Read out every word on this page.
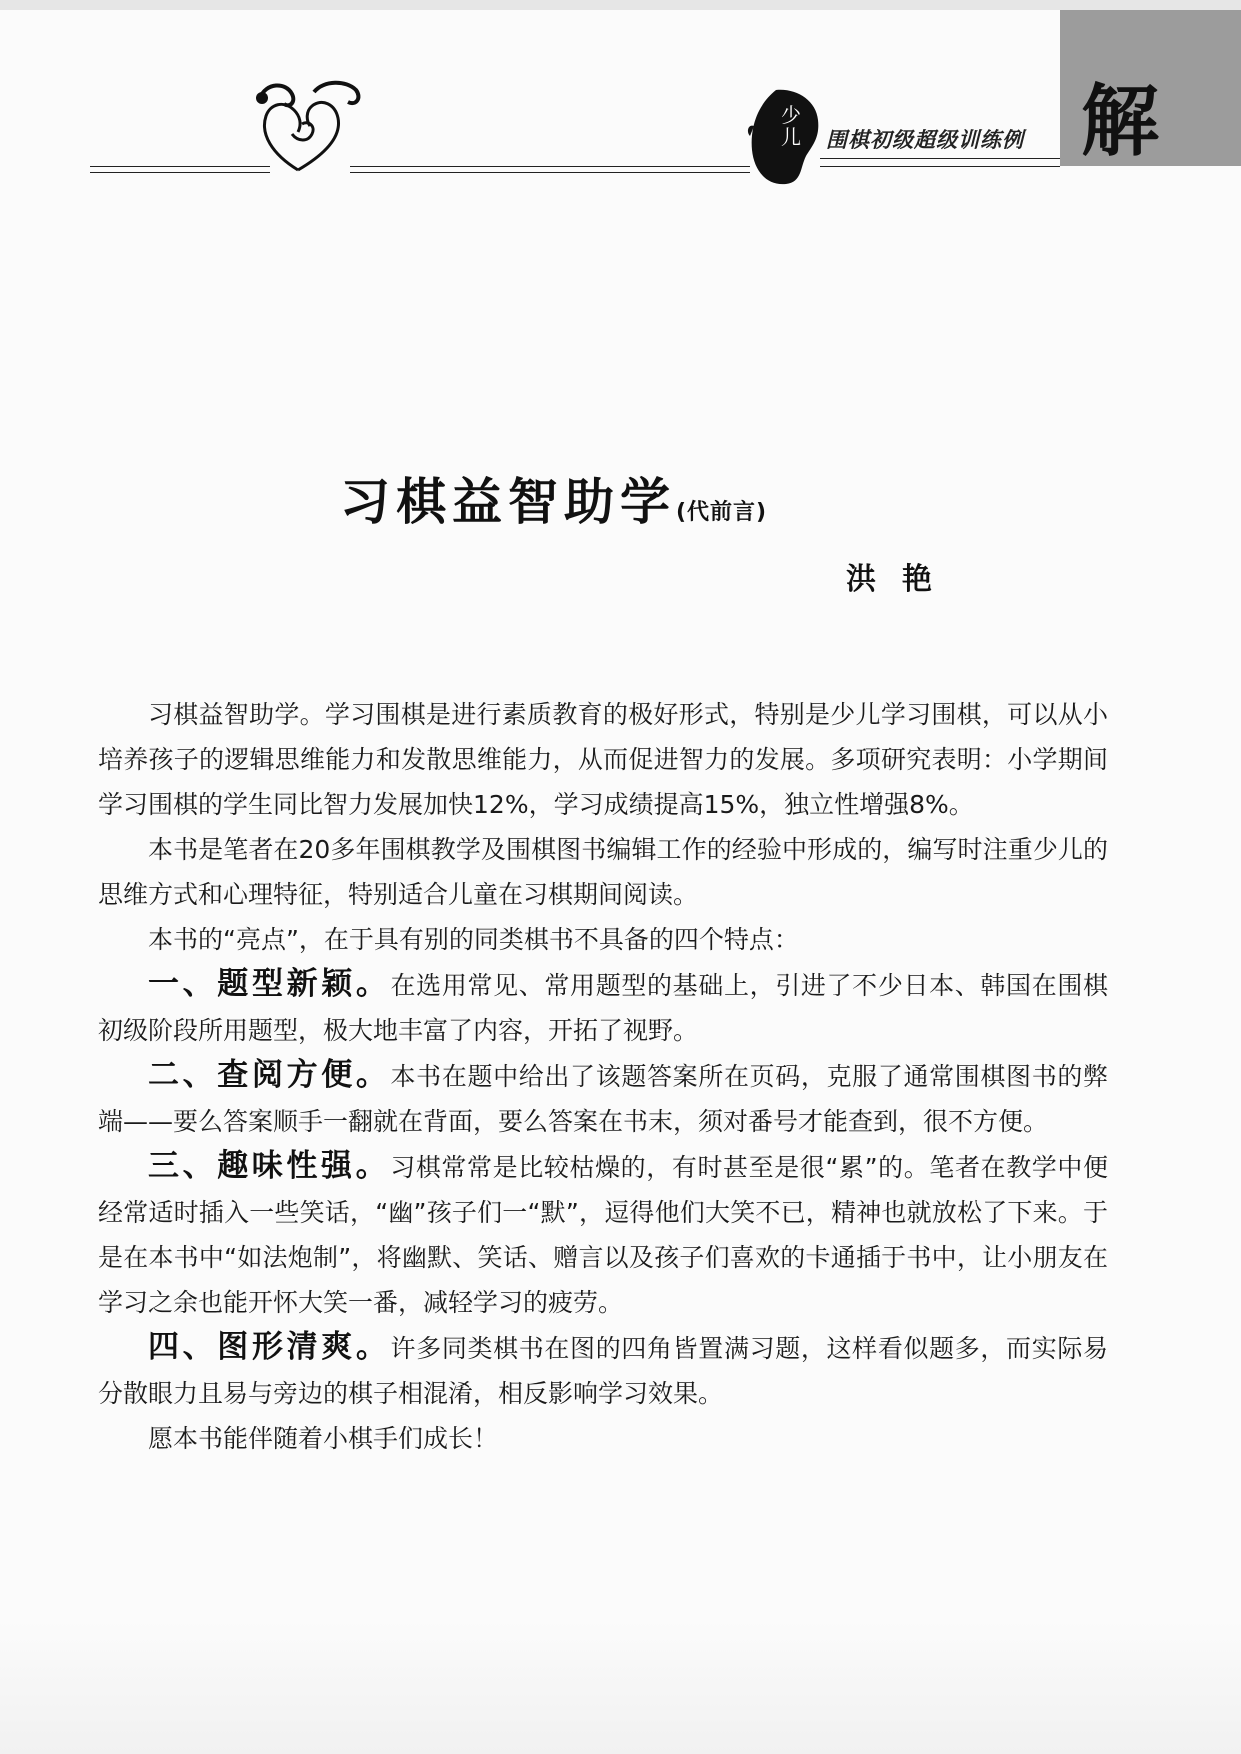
少儿 围棋初级超级训练例 解
习棋益智助学(代前言)
洪艳

习棋益智助学。学习围棋是进行素质教育的极好形式，特别是少儿学习围棋，可以从小培养孩子的逻辑思维能力和发散思维能力，从而促进智力的发展。多项研究表明：小学期间学习围棋的学生同比智力发展加快12%，学习成绩提高15%，独立性增强8%。

本书是笔者在20多年围棋教学及围棋图书编辑工作的经验中形成的，编写时注重少儿的思维方式和心理特征，特别适合儿童在习棋期间阅读。

本书的“亮点”，在于具有别的同类棋书不具备的四个特点：

一、题型新颖。在选用常见、常用题型的基础上，引进了不少日本、韩国在围棋初级阶段所用题型，极大地丰富了内容，开拓了视野。

二、查阅方便。本书在题中给出了该题答案所在页码，克服了通常围棋图书的弊端——要么答案顺手一翻就在背面，要么答案在书末，须对番号才能查到，很不方便。

三、趣味性强。习棋常常是比较枯燥的，有时甚至是很“累”的。笔者在教学中便经常适时插入一些笑话，“幽”孩子们一“默”，逗得他们大笑不已，精神也就放松了下来。于是在本书中“如法炮制”，将幽默、笑话、赠言以及孩子们喜欢的卡通插于书中，让小朋友在学习之余也能开怀大笑一番，减轻学习的疲劳。

四、图形清爽。许多同类棋书在图的四角皆置满习题，这样看似题多，而实际易分散眼力且易与旁边的棋子相混淆，相反影响学习效果。

愿本书能伴随着小棋手们成长！
